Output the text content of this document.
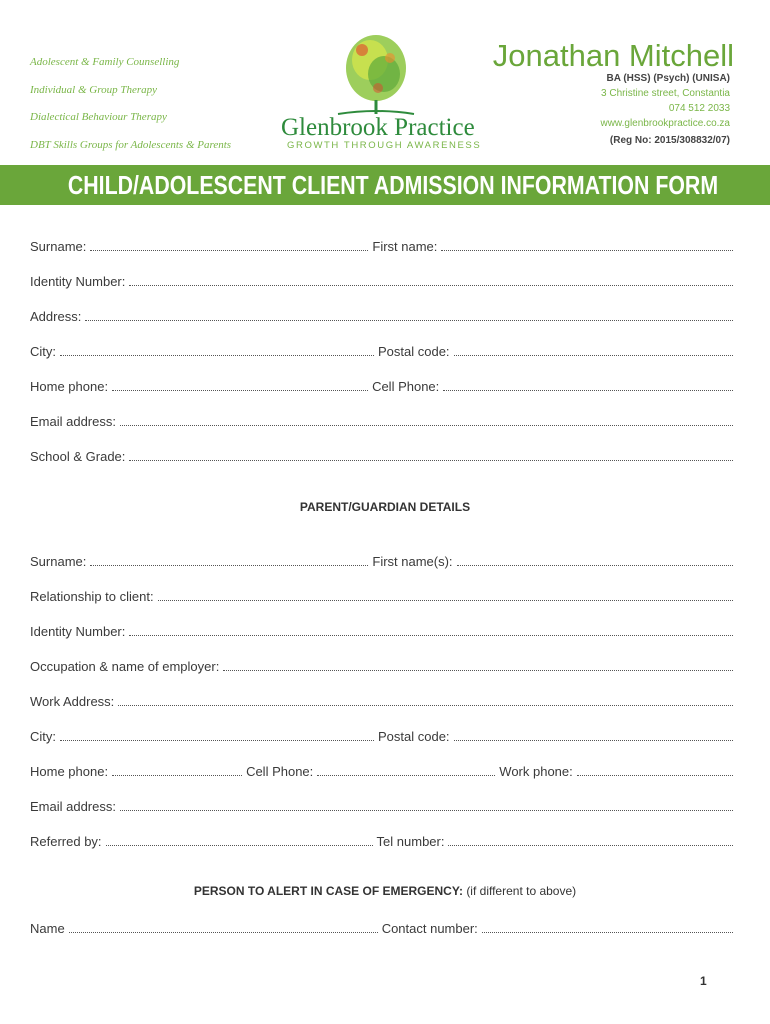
Adolescent & Family Counselling
Individual & Group Therapy
Dialectical Behaviour Therapy
DBT Skills Groups for Adolescents & Parents
Glenbrook Practice
GROWTH THROUGH AWARENESS
Jonathan Mitchell
BA (HSS) (Psych) (UNISA)
3 Christine street, Constantia
074 512 2033
www.glenbrookpractice.co.za
(Reg No: 2015/308832/07)
CHILD/ADOLESCENT CLIENT ADMISSION INFORMATION FORM
Surname:	First name:
Identity Number:
Address:
City:	Postal code:
Home phone:	Cell Phone:
Email address:
School & Grade:
PARENT/GUARDIAN DETAILS
Surname:	First name(s):
Relationship to client:
Identity Number:
Occupation & name of employer:
Work Address:
City:	Postal code:
Home phone:	Cell Phone:	Work phone:
Email address:
Referred by:	Tel number:
PERSON TO ALERT IN CASE OF EMERGENCY: (if different to above)
Name	Contact number:
1
